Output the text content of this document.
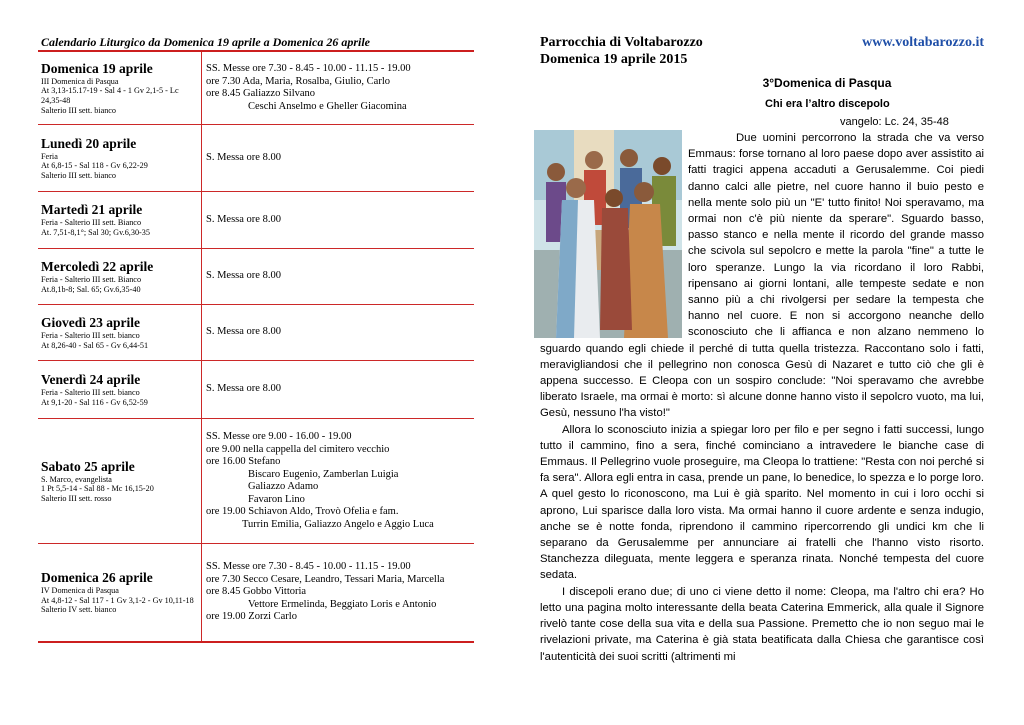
Calendario Liturgico da Domenica 19 aprile a Domenica 26 aprile
Domenica 19 aprile
III Domenica di Pasqua
At 3,13-15.17-19 - Sal 4 - 1 Gv 2,1-5 - Lc 24,35-48
Salterio III sett. bianco
SS. Messe ore 7.30 - 8.45 - 10.00 - 11.15 - 19.00
ore 7.30 Ada, Maria, Rosalba, Giulio, Carlo
ore 8.45 Galiazzo Silvano
Ceschi Anselmo e Gheller Giacomina
Lunedì 20 aprile
Feria
At 6,8-15 - Sal 118 - Gv 6,22-29
Salterio III sett. bianco
S. Messa ore 8.00
Martedì 21 aprile
Feria - Salterio III sett. Bianco
At. 7,51-8,1°; Sal 30; Gv.6,30-35
S. Messa ore 8.00
Mercoledì 22 aprile
Feria - Salterio III sett. Bianco
At.8,1b-8; Sal. 65; Gv.6,35-40
S. Messa ore 8.00
Giovedì 23 aprile
Feria - Salterio III sett. bianco
At 8,26-40 - Sal 65 - Gv 6,44-51
S. Messa ore 8.00
Venerdì 24 aprile
Feria - Salterio III sett. bianco
At 9,1-20 - Sal 116 - Gv 6,52-59
S. Messa ore 8.00
Sabato 25 aprile
S. Marco, evangelista
1 Pt 5,5-14 - Sal 88 - Mc 16,15-20
Salterio III sett. rosso
SS. Messe ore 9.00 - 16.00 - 19.00
ore 9.00 nella cappella del cimitero vecchio
ore 16.00 Stefano
Biscaro Eugenio, Zamberlan Luigia
Galiazzo Adamo
Favaron Lino
ore 19.00 Schiavon Aldo, Trovò Ofelia e fam.
Turrin Emilia, Galiazzo Angelo e Aggio Luca
Domenica 26 aprile
IV Domenica di Pasqua
At 4,8-12 - Sal 117 - 1 Gv 3,1-2 - Gv 10,11-18
Salterio IV sett. bianco
SS. Messe ore 7.30 - 8.45 - 10.00 - 11.15 - 19.00
ore 7.30 Secco Cesare, Leandro, Tessari Maria, Marcella
ore 8.45 Gobbo Vittoria
Vettore Ermelinda, Beggiato Loris e Antonio
ore 19.00 Zorzi Carlo
Parrocchia di Voltabarozzo	www.voltabarozzo.it
Domenica 19 aprile 2015
3°Domenica di Pasqua
Chi era l’altro discepolo
vangelo: Lc. 24, 35-48

Due uomini percorrono la strada che va verso Emmaus: forse tornano al loro paese dopo aver assistito ai fatti tragici appena accaduti a Gerusalemme. Coi piedi danno calci alle pietre, nel cuore hanno il buio pesto e nella mente solo più un "E' tutto finito! Noi speravamo, ma ormai non c'è più niente da sperare". Sguardo basso, passo stanco e nella mente il ricordo del grande masso che scivola sul sepolcro e mette la parola "fine" a tutte le loro speranze. Lungo la via ricordano il loro Rabbi, ripensano ai giorni lontani, alle tempeste sedate e non sanno più a chi rivolgersi per sedare la tempesta che hanno nel cuore. E non si accorgono neanche dello sconosciuto che li affianca e non alzano nemmeno lo sguardo quando egli chiede il perché di tutta quella tristezza. Raccontano solo i fatti, meravigliandosi che il pellegrino non conosca Gesù di Nazaret e tutto ciò che gli è appena successo. E Cleopa con un sospiro conclude: "Noi speravamo che avrebbe liberato Israele, ma ormai è morto: sì alcune donne hanno visto il sepolcro vuoto, ma lui, Gesù, nessuno l'ha visto!"

Allora lo sconosciuto inizia a spiegar loro per filo e per segno i fatti successi, lungo tutto il cammino, fino a sera, finché cominciano a intravedere le bianche case di Emmaus. Il Pellegrino vuole proseguire, ma Cleopa lo trattiene: "Resta con noi perché si fa sera". Allora egli entra in casa, prende un pane, lo benedice, lo spezza e lo porge loro. A quel gesto lo riconoscono, ma Lui è già sparito. Nel momento in cui i loro occhi si aprono, Lui sparisce dalla loro vista. Ma ormai hanno il cuore ardente e senza indugio, anche se è notte fonda, riprendono il cammino ripercorrendo gli undici km che li separano da Gerusalemme per annunciare ai fratelli che l'hanno visto risorto. Stanchezza dileguata, mente leggera e speranza rinata. Nonché tempesta del cuore sedata.

I discepoli erano due; di uno ci viene detto il nome: Cleopa, ma l'altro chi era? Ho letto una pagina molto interessante della beata Caterina Emmerick, alla quale il Signore rivelò tante cose della sua vita e della sua Passione. Premetto che io non seguo mai le rivelazioni private, ma Caterina è già stata beatificata dalla Chiesa che garantisce così l'autenticità dei suoi scritti (altrimenti mi
